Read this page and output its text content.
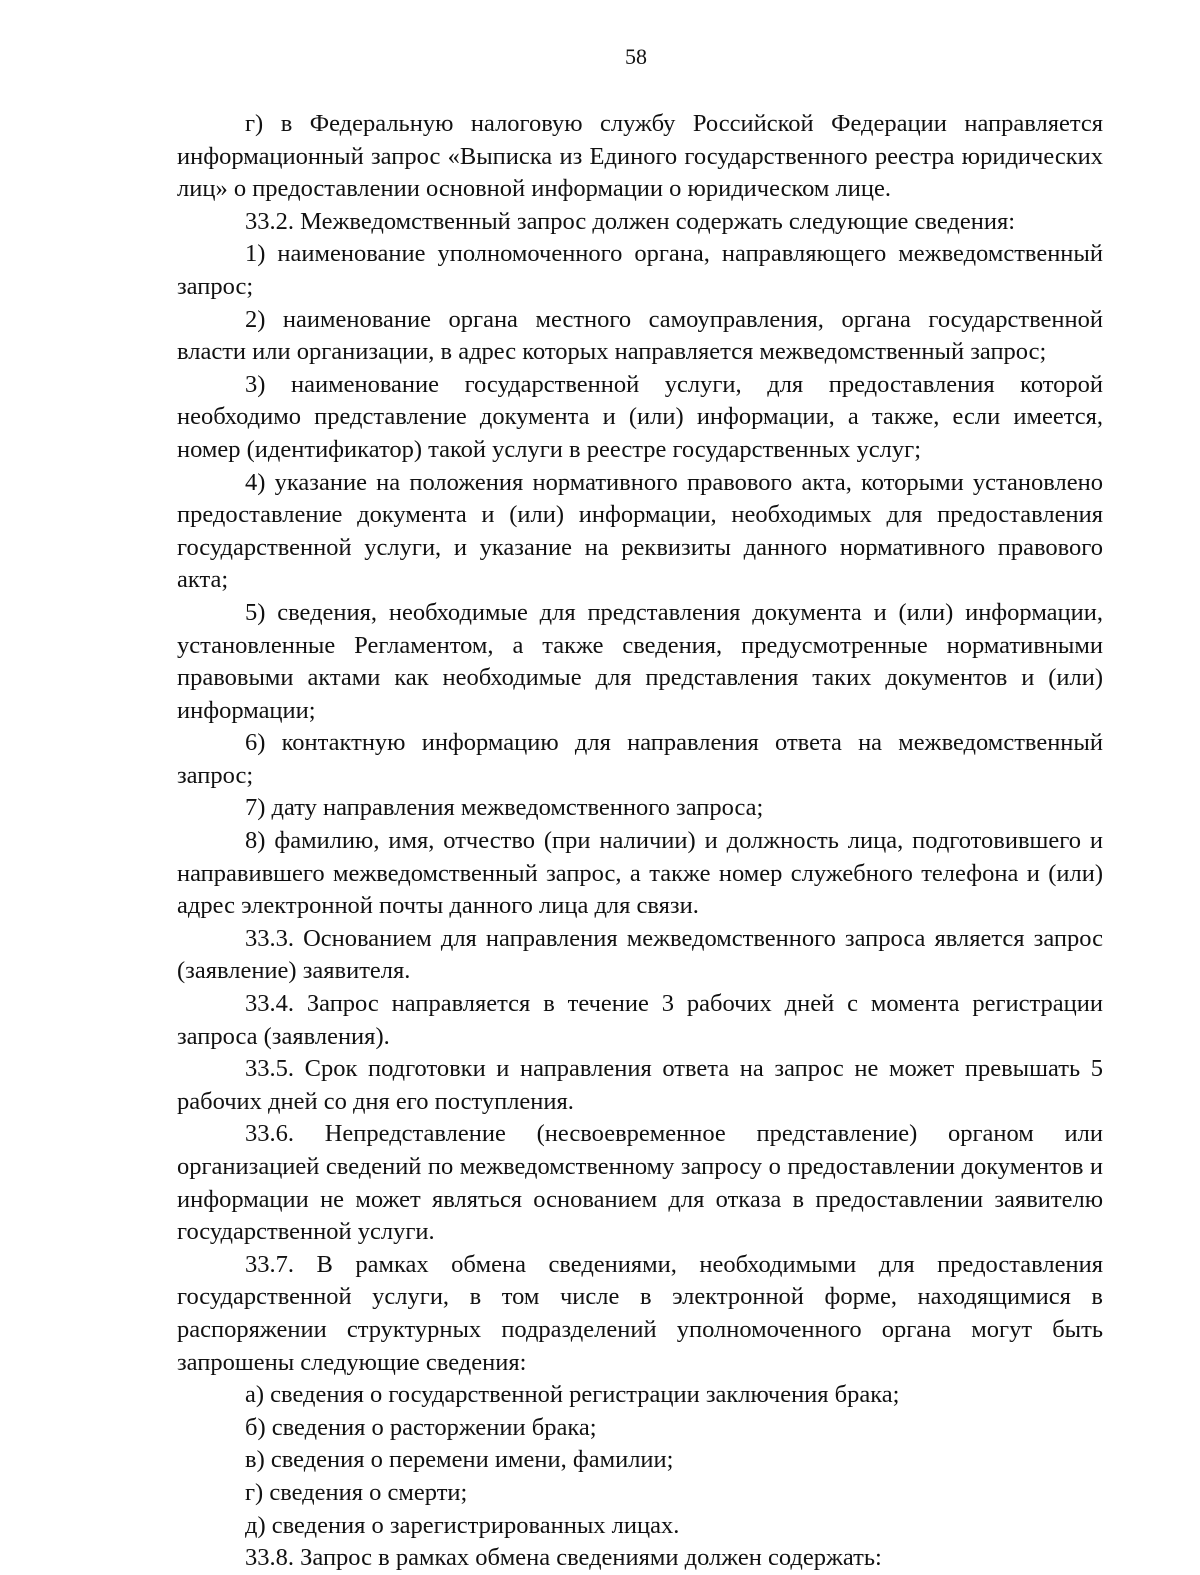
58

г) в Федеральную налоговую службу Российской Федерации направляется информационный запрос «Выписка из Единого государственного реестра юридических лиц» о предоставлении основной информации о юридическом лице.

33.2. Межведомственный запрос должен содержать следующие сведения:

1) наименование уполномоченного органа, направляющего межведомственный запрос;

2) наименование органа местного самоуправления, органа государственной власти или организации, в адрес которых направляется межведомственный запрос;

3) наименование государственной услуги, для предоставления которой необходимо представление документа и (или) информации, а также, если имеется, номер (идентификатор) такой услуги в реестре государственных услуг;

4) указание на положения нормативного правового акта, которыми установлено предоставление документа и (или) информации, необходимых для предоставления государственной услуги, и указание на реквизиты данного нормативного правового акта;

5) сведения, необходимые для представления документа и (или) информации, установленные Регламентом, а также сведения, предусмотренные нормативными правовыми актами как необходимые для представления таких документов и (или) информации;

6) контактную информацию для направления ответа на межведомственный запрос;

7) дату направления межведомственного запроса;

8) фамилию, имя, отчество (при наличии) и должность лица, подготовившего и направившего межведомственный запрос, а также номер служебного телефона и (или) адрес электронной почты данного лица для связи.

33.3. Основанием для направления межведомственного запроса является запрос (заявление) заявителя.

33.4. Запрос направляется в течение 3 рабочих дней с момента регистрации запроса (заявления).

33.5. Срок подготовки и направления ответа на запрос не может превышать 5 рабочих дней со дня его поступления.

33.6. Непредставление (несвоевременное представление) органом или организацией сведений по межведомственному запросу о предоставлении документов и информации не может являться основанием для отказа в предоставлении заявителю государственной услуги.

33.7. В рамках обмена сведениями, необходимыми для предоставления государственной услуги, в том числе в электронной форме, находящимися в распоряжении структурных подразделений уполномоченного органа могут быть запрошены следующие сведения:

а) сведения о государственной регистрации заключения брака;

б) сведения о расторжении брака;

в) сведения о перемени имени, фамилии;

г) сведения о смерти;

д) сведения о зарегистрированных лицах.

33.8. Запрос в рамках обмена сведениями должен содержать:
